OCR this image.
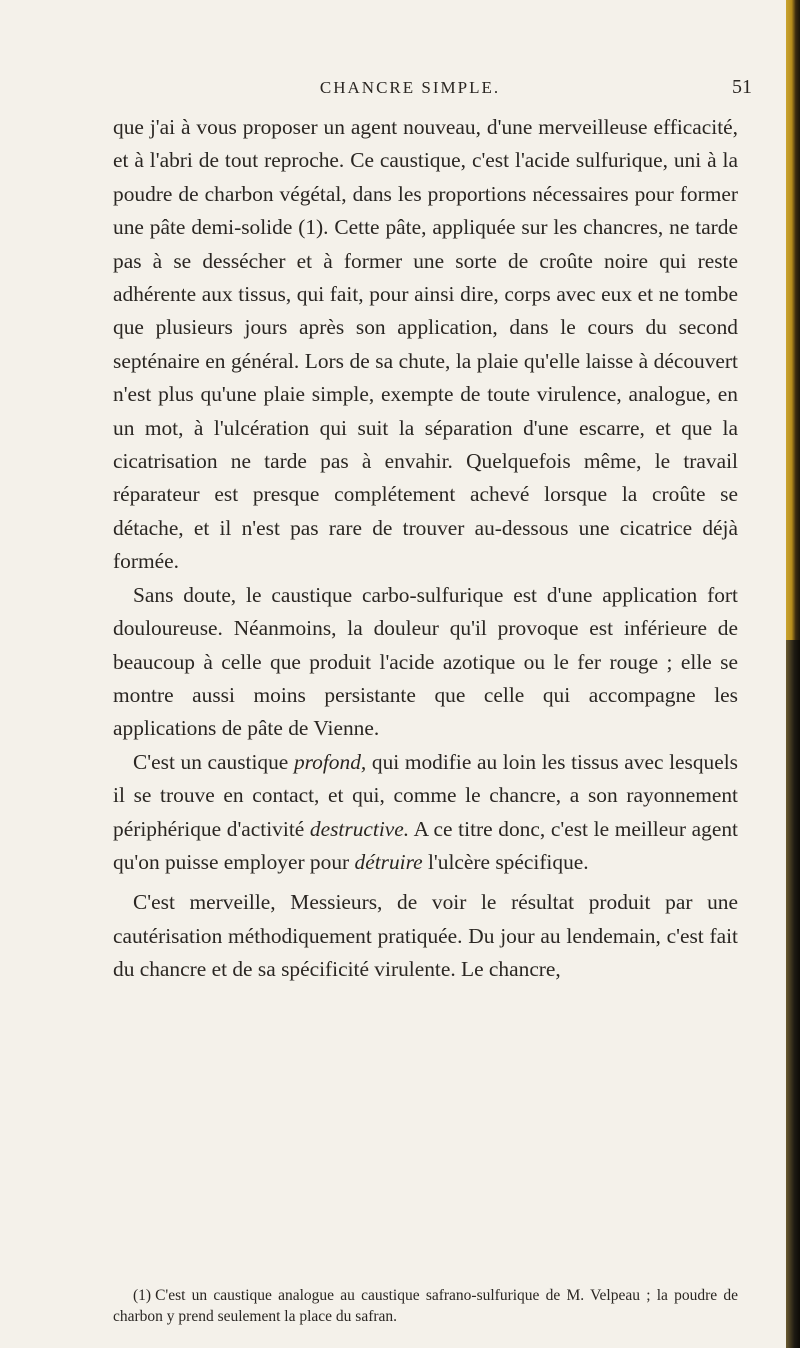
CHANCRE SIMPLE.	51

que j'ai à vous proposer un agent nouveau, d'une merveilleuse efficacité, et à l'abri de tout reproche. Ce caustique, c'est l'acide sulfurique, uni à la poudre de charbon végétal, dans les proportions nécessaires pour former une pâte demi-solide (1). Cette pâte, appliquée sur les chancres, ne tarde pas à se dessécher et à former une sorte de croûte noire qui reste adhérente aux tissus, qui fait, pour ainsi dire, corps avec eux et ne tombe que plusieurs jours après son application, dans le cours du second septénaire en général. Lors de sa chute, la plaie qu'elle laisse à découvert n'est plus qu'une plaie simple, exempte de toute virulence, analogue, en un mot, à l'ulcération qui suit la séparation d'une escarre, et que la cicatrisation ne tarde pas à envahir. Quelquefois même, le travail réparateur est presque complétement achevé lorsque la croûte se détache, et il n'est pas rare de trouver au-dessous une cicatrice déjà formée.

Sans doute, le caustique carbo-sulfurique est d'une application fort douloureuse. Néanmoins, la douleur qu'il provoque est inférieure de beaucoup à celle que produit l'acide azotique ou le fer rouge ; elle se montre aussi moins persistante que celle qui accompagne les applications de pâte de Vienne.

C'est un caustique profond, qui modifie au loin les tissus avec lesquels il se trouve en contact, et qui, comme le chancre, a son rayonnement périphérique d'activité destructive. A ce titre donc, c'est le meilleur agent qu'on puisse employer pour détruire l'ulcère spécifique.

C'est merveille, Messieurs, de voir le résultat produit par une cautérisation méthodiquement pratiquée. Du jour au lendemain, c'est fait du chancre et de sa spécificité virulente. Le chancre,

(1) C'est un caustique analogue au caustique safrano-sulfurique de M. Velpeau ; la poudre de charbon y prend seulement la place du safran.
